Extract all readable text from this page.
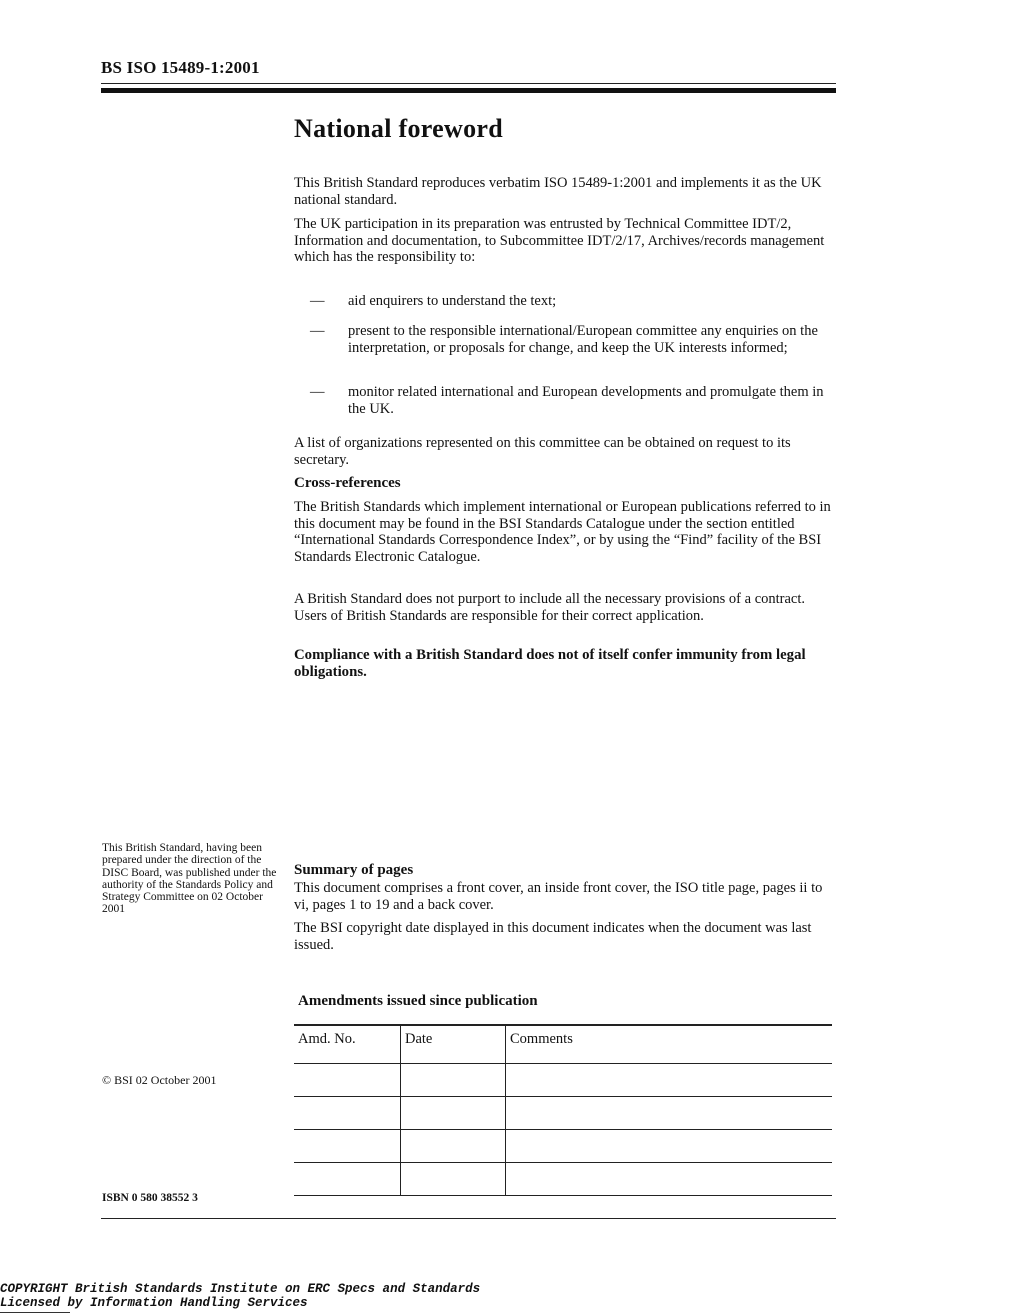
BS ISO 15489-1:2001
National foreword
This British Standard reproduces verbatim ISO 15489-1:2001 and implements it as the UK national standard.
The UK participation in its preparation was entrusted by Technical Committee IDT/2, Information and documentation, to Subcommittee IDT/2/17, Archives/records management which has the responsibility to:
—	aid enquirers to understand the text;
—	present to the responsible international/European committee any enquiries on the interpretation, or proposals for change, and keep the UK interests informed;
—	monitor related international and European developments and promulgate them in the UK.
A list of organizations represented on this committee can be obtained on request to its secretary.
Cross-references
The British Standards which implement international or European publications referred to in this document may be found in the BSI Standards Catalogue under the section entitled “International Standards Correspondence Index”, or by using the “Find” facility of the BSI Standards Electronic Catalogue.
A British Standard does not purport to include all the necessary provisions of a contract. Users of British Standards are responsible for their correct application.
Compliance with a British Standard does not of itself confer immunity from legal obligations.
This British Standard, having been prepared under the direction of the DISC Board, was published under the authority of the Standards Policy and Strategy Committee on 02 October 2001
Summary of pages
This document comprises a front cover, an inside front cover, the ISO title page, pages ii to vi, pages 1 to 19 and a back cover.
The BSI copyright date displayed in this document indicates when the document was last issued.
Amendments issued since publication
Amd. No.	Date	Comments

© BSI 02 October 2001
ISBN 0 580 38552 3
COPYRIGHT British Standards Institute on ERC Specs and Standards
Licensed by Information Handling Services
